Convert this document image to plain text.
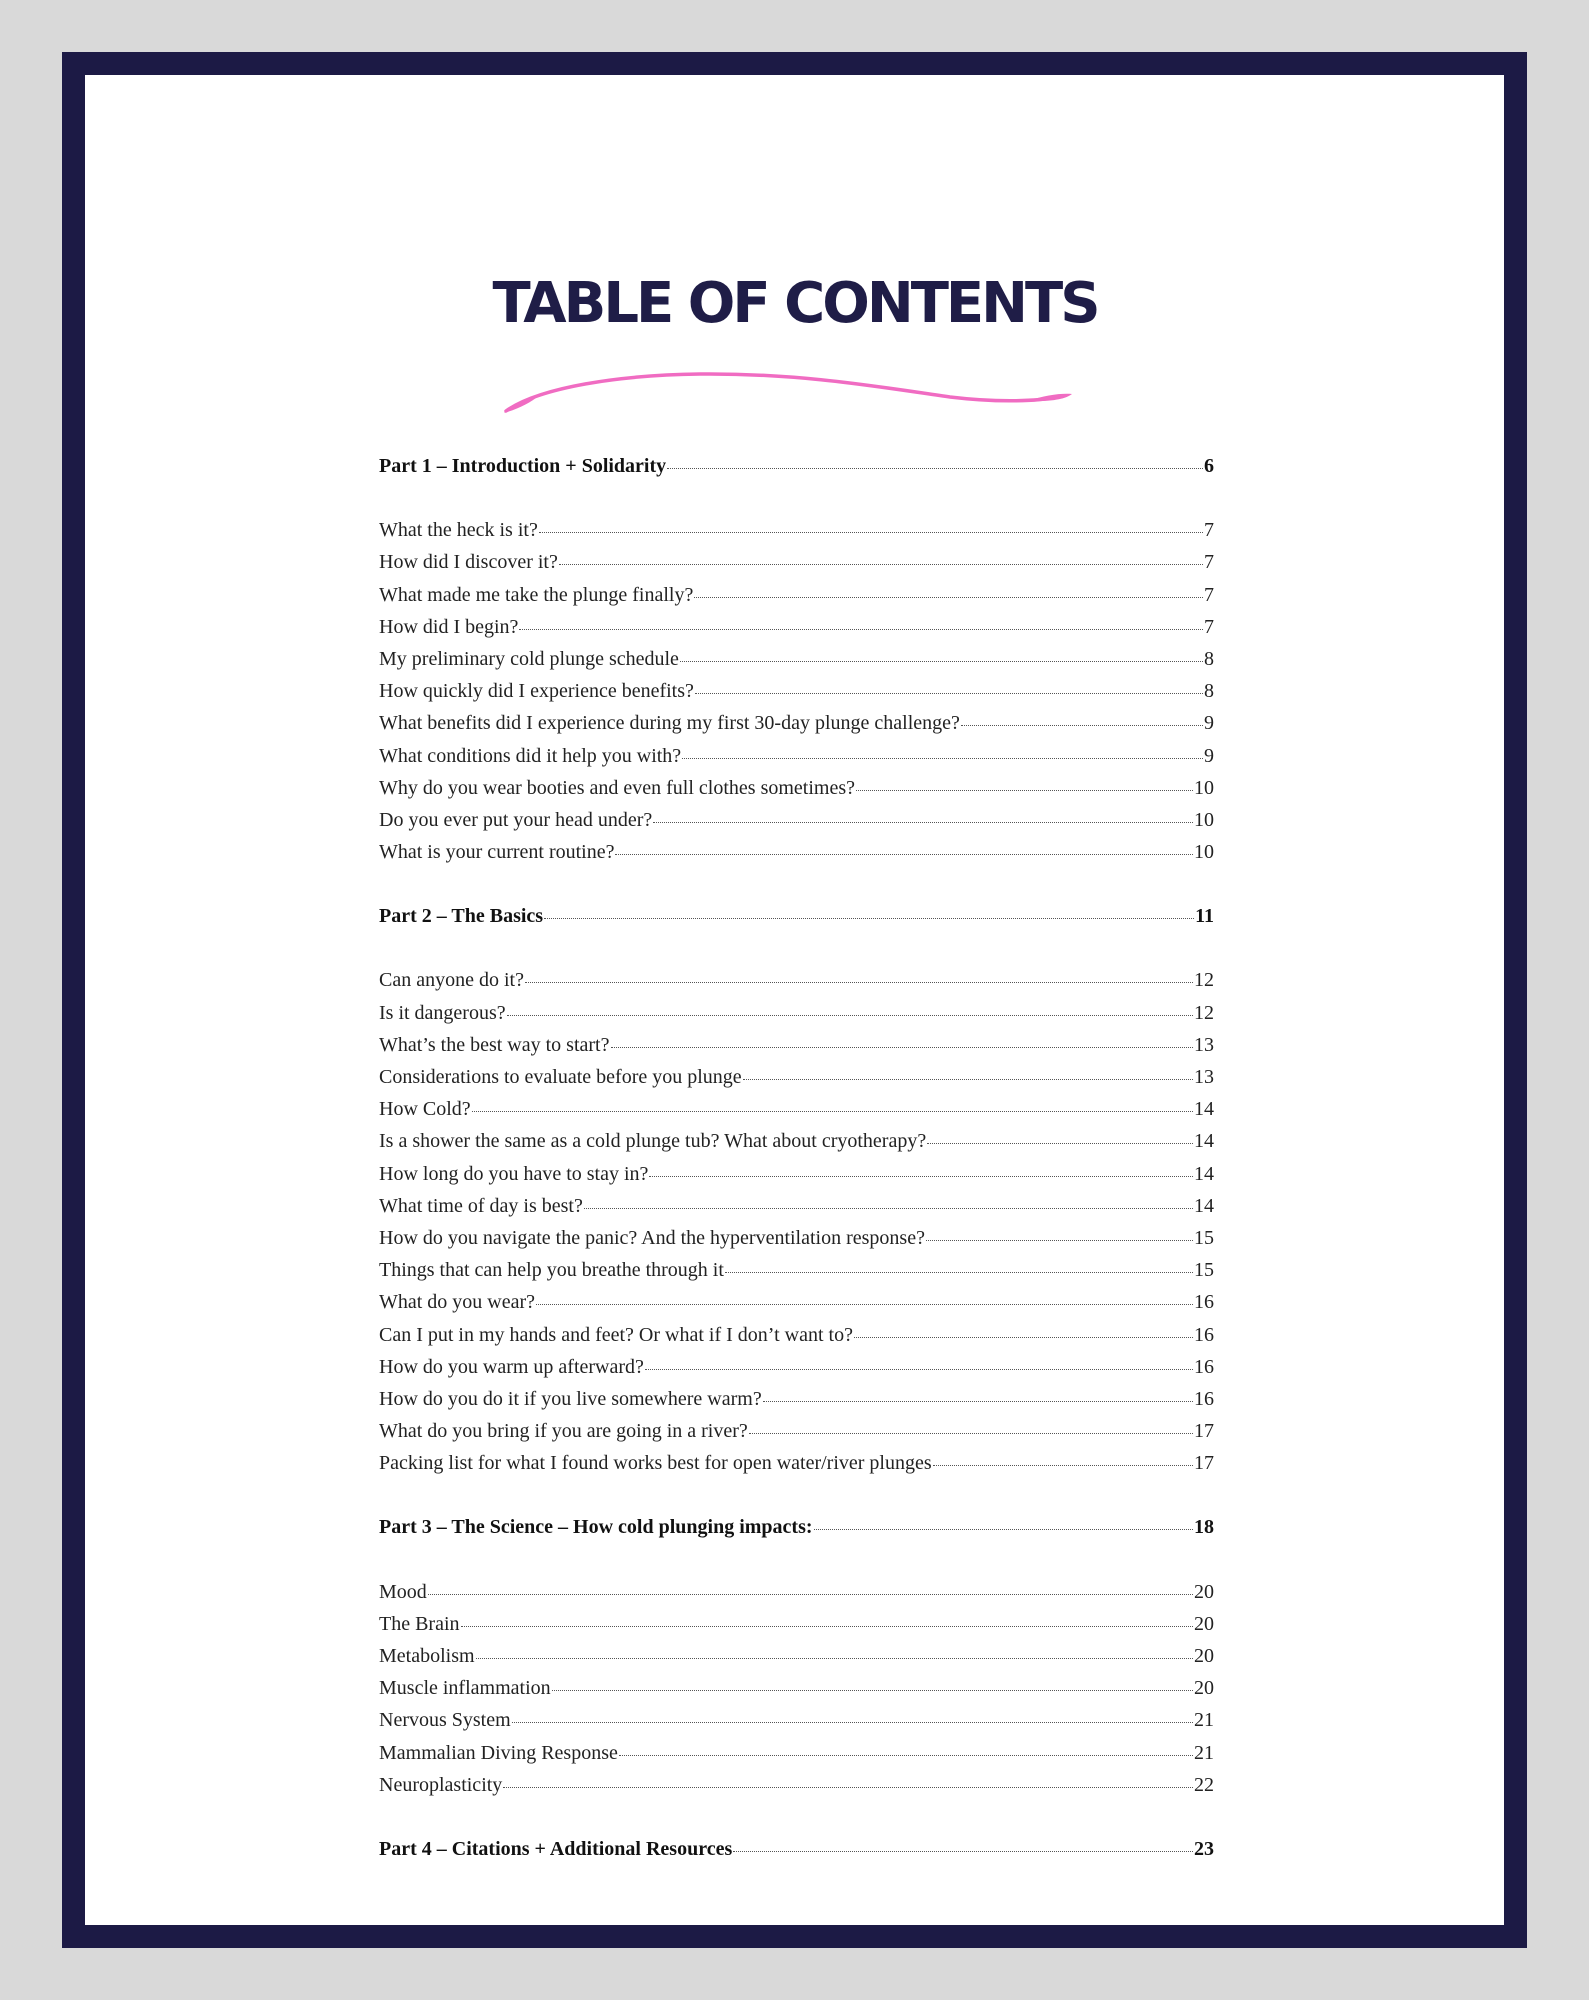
TABLE OF CONTENTS
Part 1 – Introduction + Solidarity	6
What the heck is it?	7
How did I discover it?	7
What made me take the plunge finally?	7
How did I begin?	7
My preliminary cold plunge schedule	8
How quickly did I experience benefits?	8
What benefits did I experience during my first 30-day plunge challenge?	9
What conditions did it help you with?	9
Why do you wear booties and even full clothes sometimes?	10
Do you ever put your head under?	10
What is your current routine?	10
Part 2 – The Basics	11
Can anyone do it?	12
Is it dangerous?	12
What’s the best way to start?	13
Considerations to evaluate before you plunge	13
How Cold?	14
Is a shower the same as a cold plunge tub? What about cryotherapy?	14
How long do you have to stay in?	14
What time of day is best?	14
How do you navigate the panic? And the hyperventilation response?	15
Things that can help you breathe through it	15
What do you wear?	16
Can I put in my hands and feet? Or what if I don’t want to?	16
How do you warm up afterward?	16
How do you do it if you live somewhere warm?	16
What do you bring if you are going in a river?	17
Packing list for what I found works best for open water/river plunges	17
Part 3 – The Science – How cold plunging impacts:	18
Mood	20
The Brain	20
Metabolism	20
Muscle inflammation	20
Nervous System	21
Mammalian Diving Response	21
Neuroplasticity	22
Part 4 – Citations + Additional Resources	23
